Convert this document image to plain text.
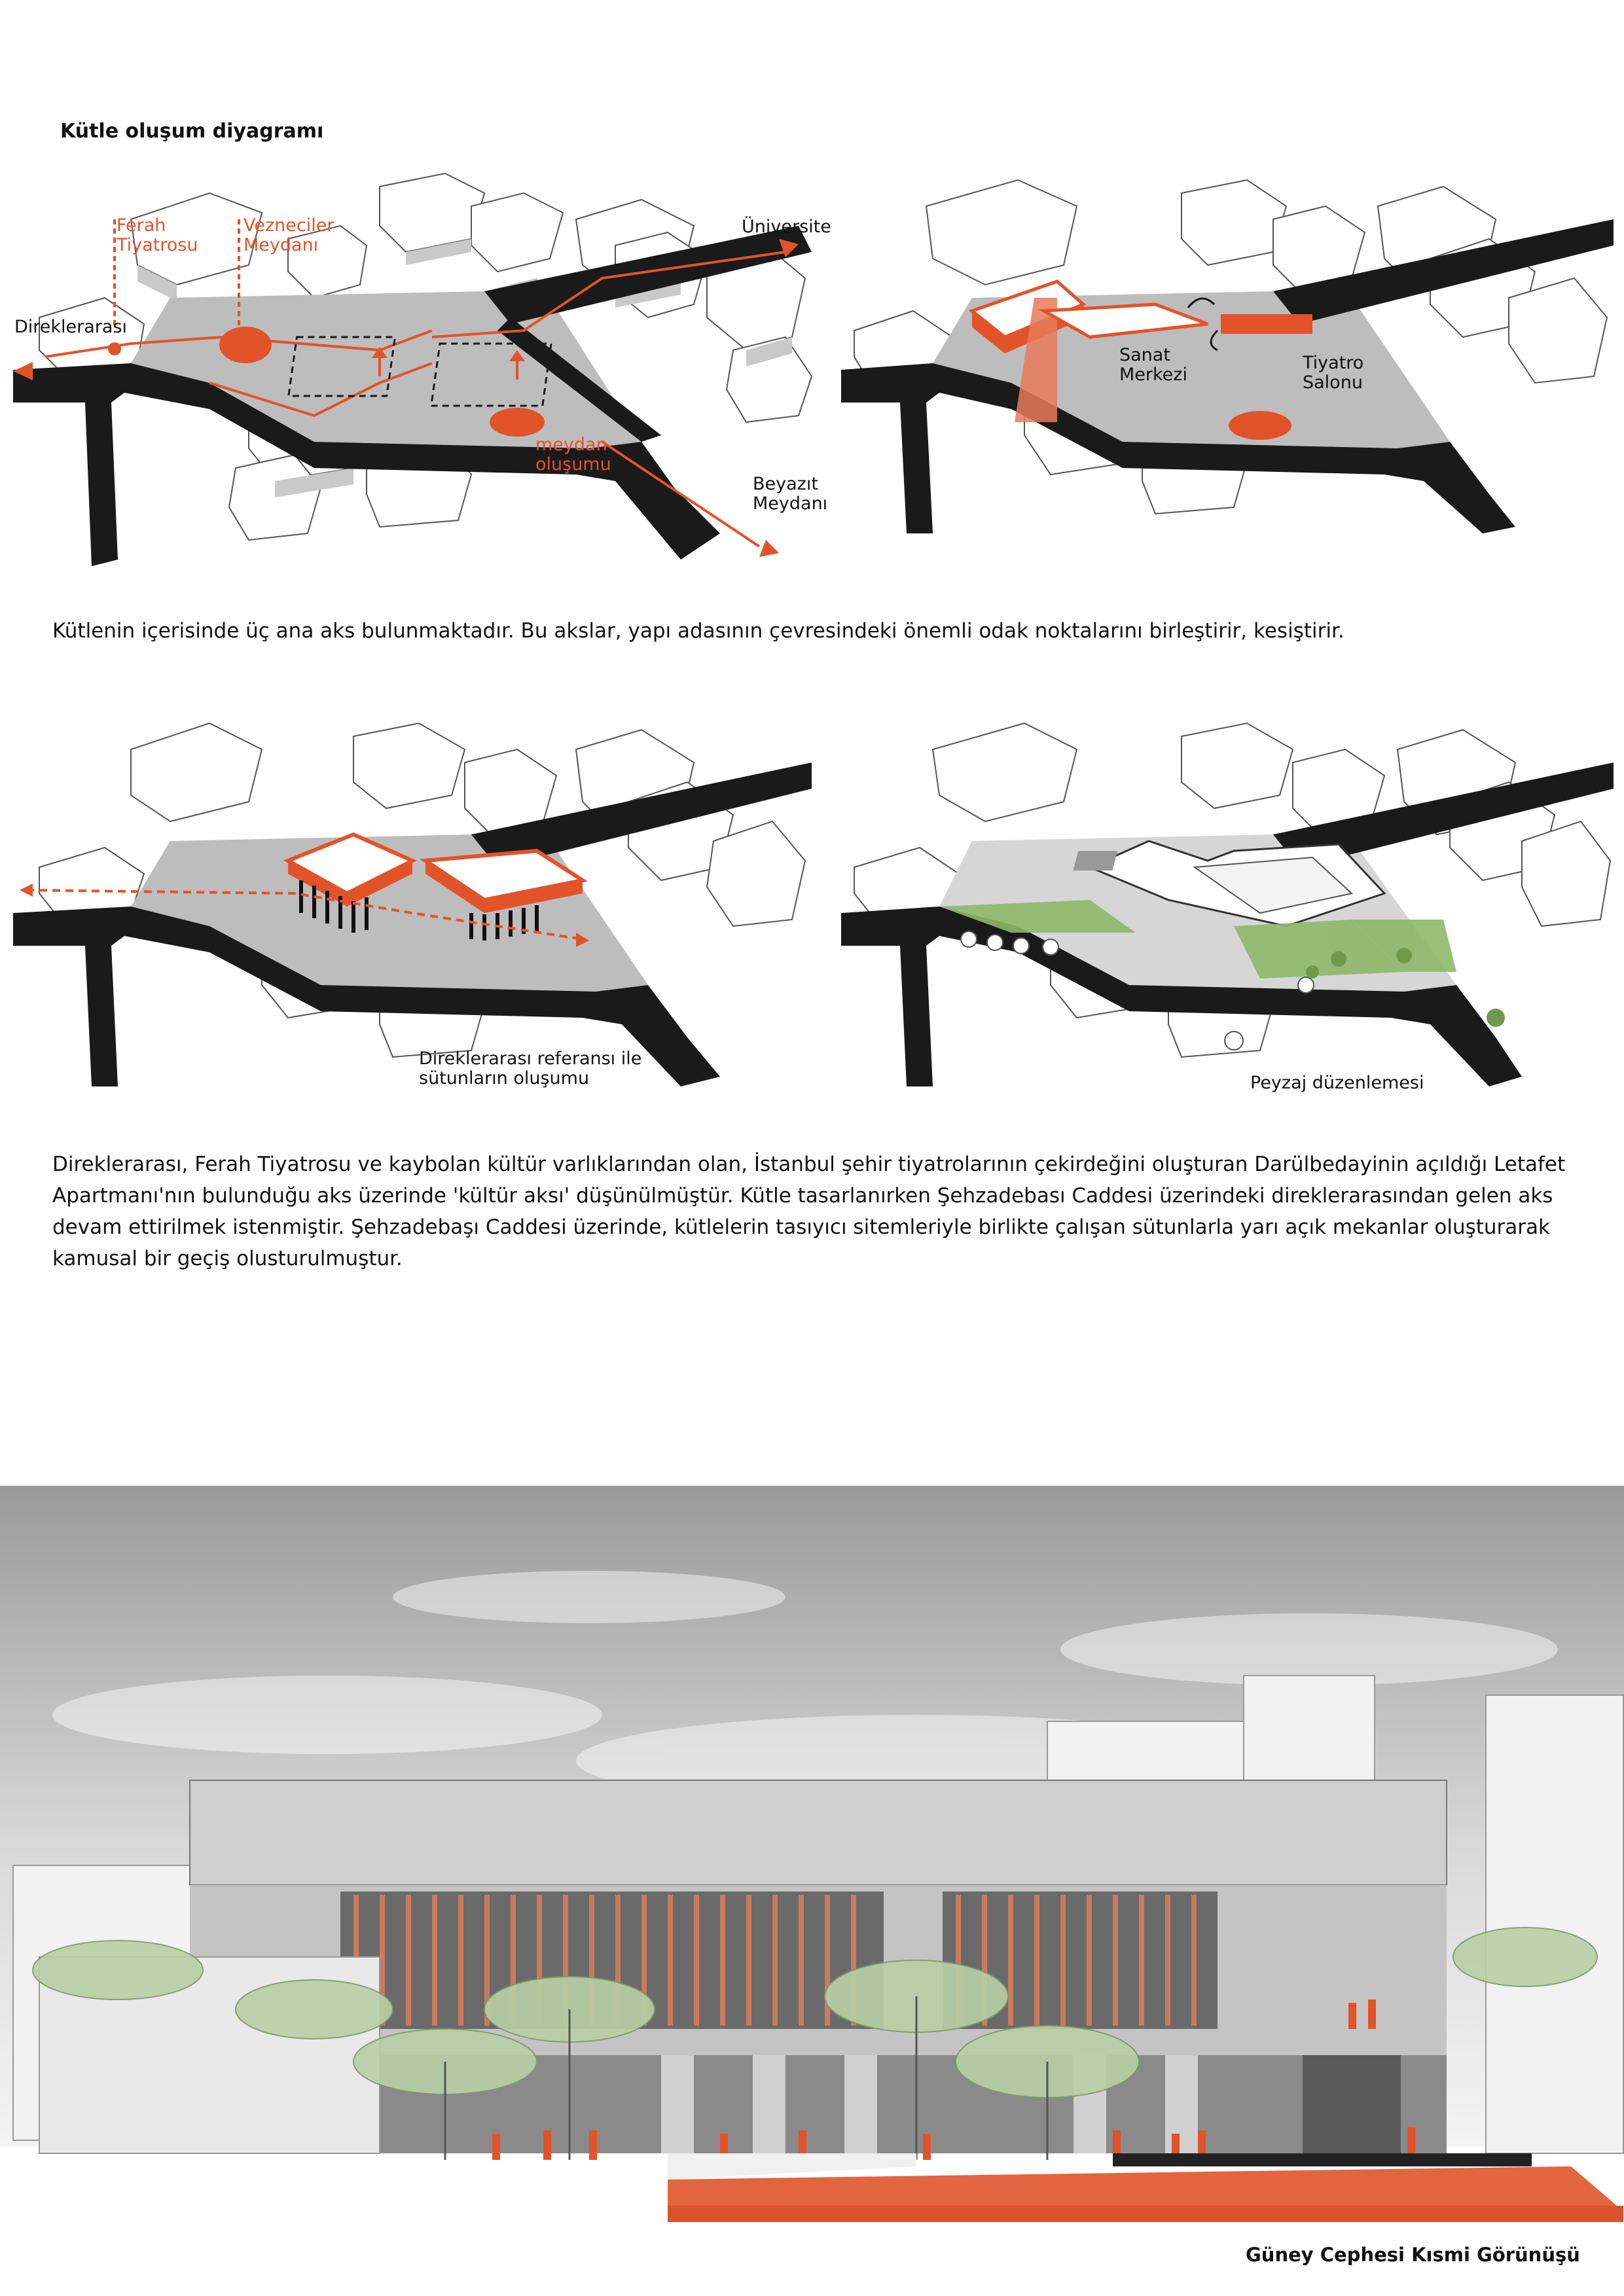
Kütle oluşum diyagramı
Ferah
Tiyatrosu
Vezneciler
Meydanı
Üniversite
Direklerarası
meydan
oluşumu
Beyazıt
Meydanı
Sanat
Merkezi
Tiyatro
Salonu
Kütlenin içerisinde üç ana aks bulunmaktadır. Bu akslar, yapı adasının çevresindeki önemli odak noktalarını birleştirir, kesiştirir.
Direklerarası referansı ile
sütunların oluşumu	Peyzaj düzenlemesi
Direklerarası, Ferah Tiyatrosu ve kaybolan kültür varlıklarından olan, İstanbul şehir tiyatrolarının çekirdeğini oluşturan Darülbedayinin açıldığı Letafet Apartmanı'nın bulunduğu aks üzerinde 'kültür aksı' düşünülmüştür. Kütle tasarlanırken Şehzadebası Caddesi üzerindeki direklerarasından gelen aks devam ettirilmek istenmiştir. Şehzadebaşı Caddesi üzerinde, kütlelerin tasıyıcı sitemleriyle birlikte çalışan sütunlarla yarı açık mekanlar oluşturarak kamusal bir geçiş olusturulmuştur.
Güney Cephesi Kısmi Görünüşü
